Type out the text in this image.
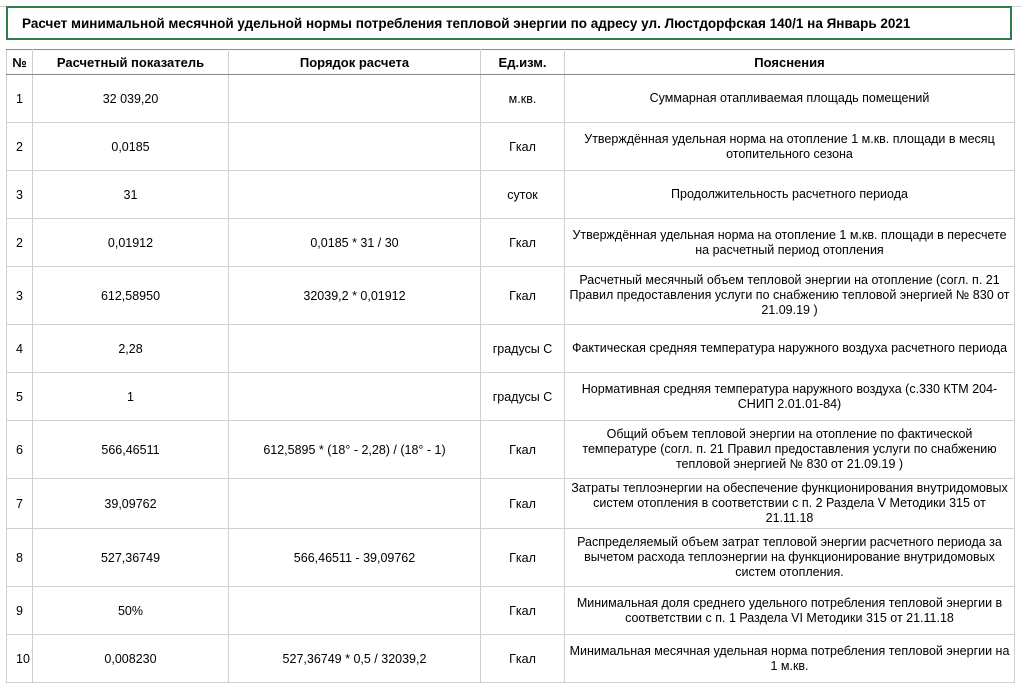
Расчет минимальной месячной удельной нормы потребления тепловой энергии по адресу ул. Люстдорфская 140/1 на Январь 2021
№	Расчетный показатель	Порядок расчета	Ед.изм.	Пояснения
1	32 039,20		м.кв.	Суммарная отапливаемая площадь помещений
2	0,0185		Гкал	Утверждённая удельная норма на отопление 1 м.кв. площади в месяц отопительного сезона
3	31		суток	Продолжительность расчетного периода
2	0,01912	0,0185 * 31 / 30	Гкал	Утверждённая удельная норма на отопление 1 м.кв. площади в пересчете на расчетный период отопления
3	612,58950	32039,2 * 0,01912	Гкал	Расчетный месячный объем тепловой энергии на отопление (согл. п. 21 Правил предоставления услуги по снабжению тепловой энергией № 830 от 21.09.19 )
4	2,28		градусы С	Фактическая средняя температура наружного воздуха расчетного периода
5	1		градусы С	Нормативная средняя температура наружного воздуха (с.330 КТМ 204-СНИП 2.01.01-84)
6	566,46511	612,5895 * (18° - 2,28) / (18° - 1)	Гкал	Общий объем тепловой энергии на отопление по фактической температуре (согл. п. 21 Правил предоставления услуги по снабжению тепловой энергией № 830 от 21.09.19 )
7	39,09762		Гкал	Затраты теплоэнергии на обеспечение функционирования внутридомовых систем отопления в соответствии с п. 2 Раздела V Методики 315 от 21.11.18
8	527,36749	566,46511 - 39,09762	Гкал	Распределяемый объем затрат тепловой энергии расчетного периода за вычетом расхода теплоэнергии на функционирование внутридомовых систем отопления.
9	50%		Гкал	Минимальная доля среднего удельного потребления тепловой энергии в соответствии с п. 1 Раздела VI Методики 315 от 21.11.18
10	0,008230	527,36749 * 0,5 / 32039,2	Гкал	Минимальная месячная удельная норма потребления тепловой энергии на 1 м.кв.
